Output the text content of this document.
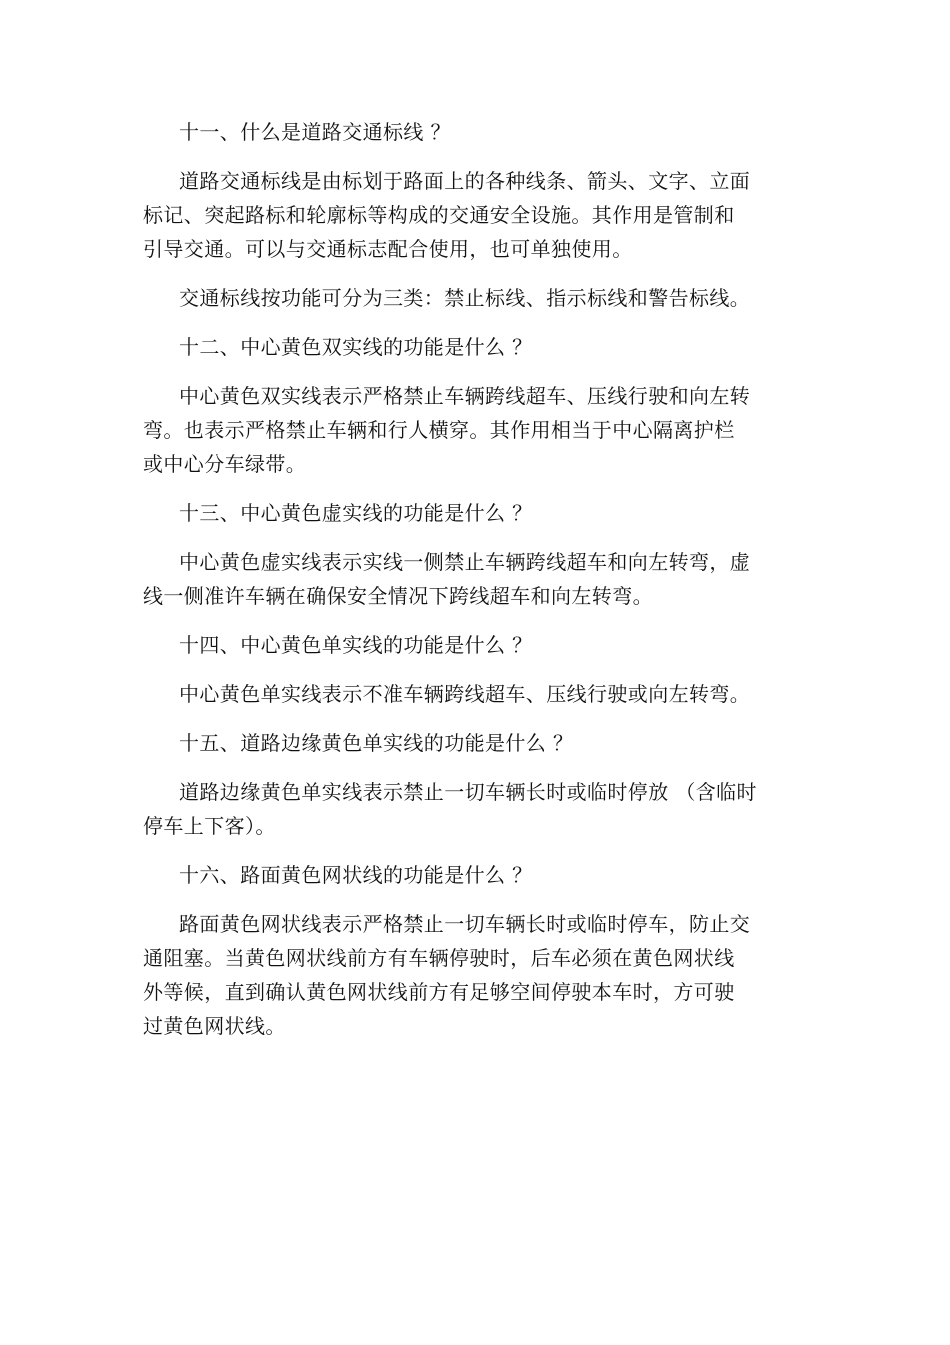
十一、什么是道路交通标线 ？
道路交通标线是由标划于路面上的各种线条、箭头、文字、立面
标记、突起路标和轮廓标等构成的交通安全设施。其作用是管制和
引导交通。可以与交通标志配合使用，也可单独使用。
交通标线按功能可分为三类：禁止标线、指示标线和警告标线。
十二、中心黄色双实线的功能是什么 ？
中心黄色双实线表示严格禁止车辆跨线超车、压线行驶和向左转
弯。也表示严格禁止车辆和行人横穿。其作用相当于中心隔离护栏
或中心分车绿带。
十三、中心黄色虚实线的功能是什么 ？
中心黄色虚实线表示实线一侧禁止车辆跨线超车和向左转弯，虚
线一侧准许车辆在确保安全情况下跨线超车和向左转弯。
十四、中心黄色单实线的功能是什么 ？
中心黄色单实线表示不准车辆跨线超车、压线行驶或向左转弯。
十五、道路边缘黄色单实线的功能是什么 ？
道路边缘黄色单实线表示禁止一切车辆长时或临时停放 （含临时
停车上下客）。
十六、路面黄色网状线的功能是什么 ？
路面黄色网状线表示严格禁止一切车辆长时或临时停车，防止交
通阻塞。当黄色网状线前方有车辆停驶时，后车必须在黄色网状线
外等候，直到确认黄色网状线前方有足够空间停驶本车时，方可驶
过黄色网状线。
